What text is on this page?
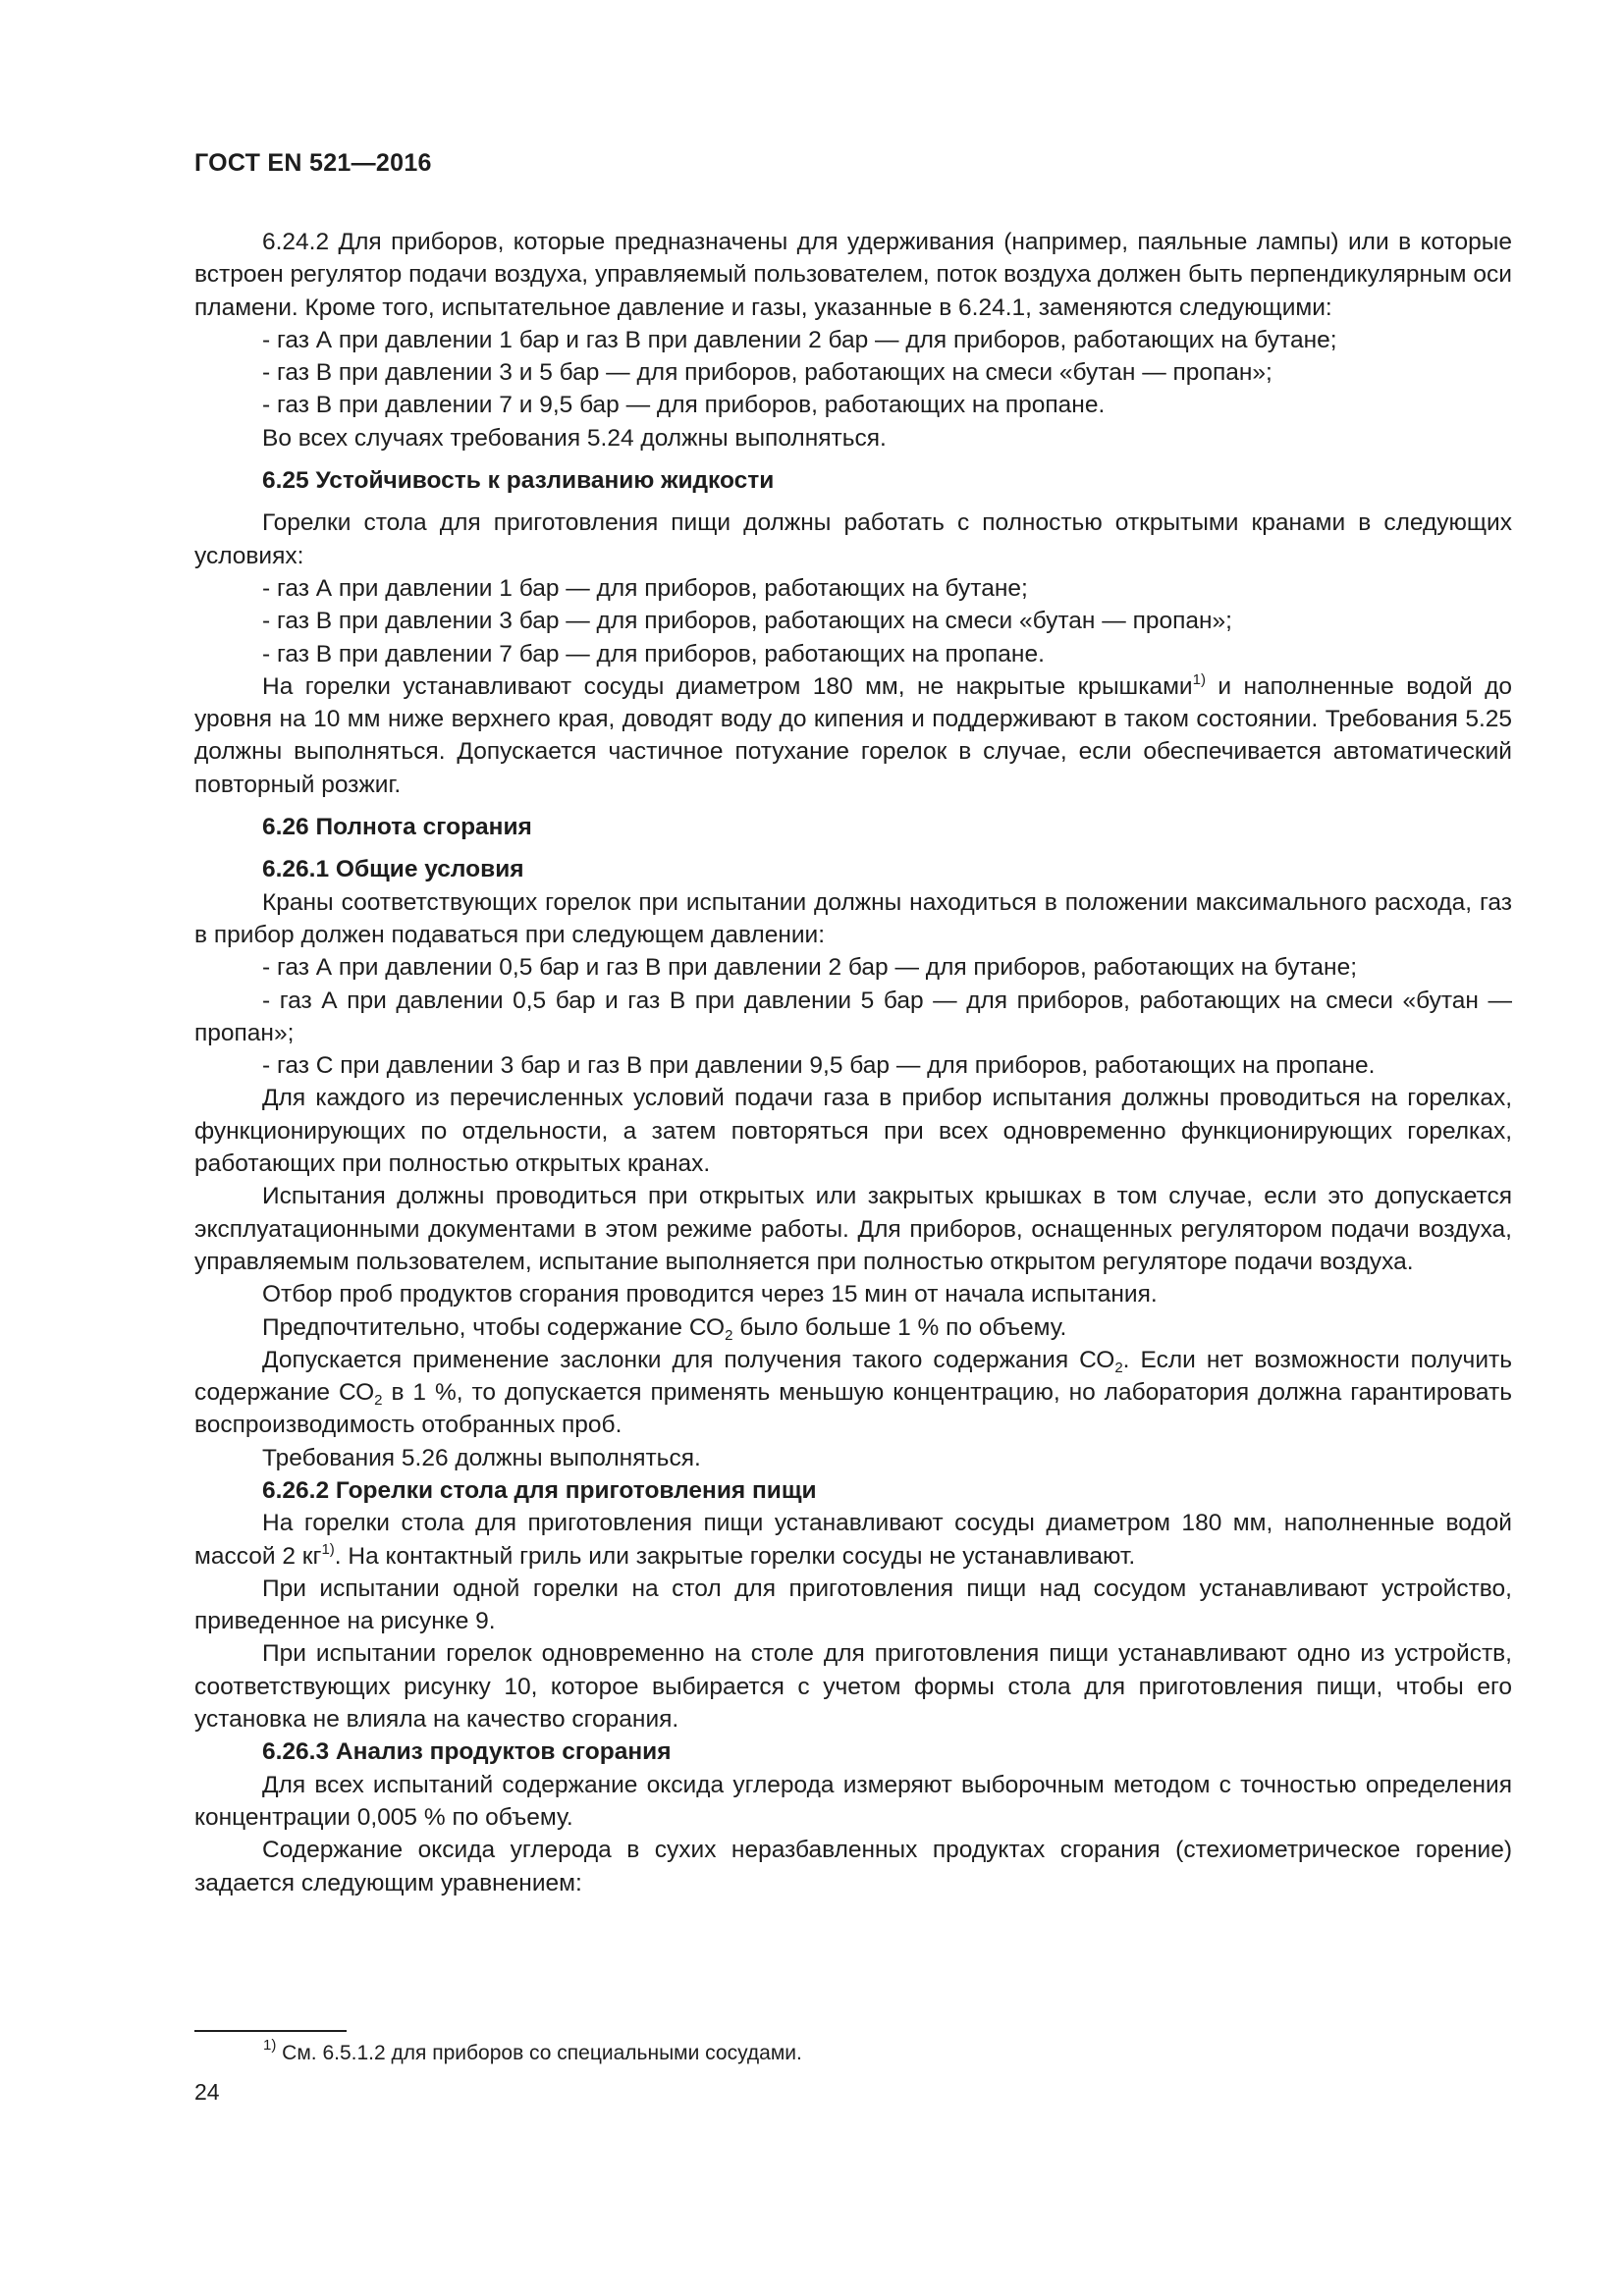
ГОСТ EN 521—2016

6.24.2 Для приборов, которые предназначены для удерживания (например, паяльные лампы) или в которые встроен регулятор подачи воздуха, управляемый пользователем, поток воздуха должен быть перпендикулярным оси пламени. Кроме того, испытательное давление и газы, указанные в 6.24.1, заменяются следующими:

- газ А при давлении 1 бар и газ В при давлении 2 бар — для приборов, работающих на бутане;
- газ В при давлении 3 и 5 бар — для приборов, работающих на смеси «бутан — пропан»;
- газ В при давлении 7 и 9,5 бар — для приборов, работающих на пропане.

Во всех случаях требования 5.24 должны выполняться.

6.25 Устойчивость к разливанию жидкости

Горелки стола для приготовления пищи должны работать с полностью открытыми кранами в следующих условиях:

- газ А при давлении 1 бар — для приборов, работающих на бутане;
- газ В при давлении 3 бар — для приборов, работающих на смеси «бутан — пропан»;
- газ В при давлении 7 бар — для приборов, работающих на пропане.

На горелки устанавливают сосуды диаметром 180 мм, не накрытые крышками$^{1)}$ и наполненные водой до уровня на 10 мм ниже верхнего края, доводят воду до кипения и поддерживают в таком состоянии. Требования 5.25 должны выполняться. Допускается частичное потухание горелок в случае, если обеспечивается автоматический повторный розжиг.

6.26 Полнота сгорания
6.26.1 Общие условия

Краны соответствующих горелок при испытании должны находиться в положении максимального расхода, газ в прибор должен подаваться при следующем давлении:

- газ А при давлении 0,5 бар и газ В при давлении 2 бар — для приборов, работающих на бутане;

- газ А при давлении 0,5 бар и газ В при давлении 5 бар — для приборов, работающих на смеси «бутан — пропан»;

- газ С при давлении 3 бар и газ В при давлении 9,5 бар — для приборов, работающих на пропане.

Для каждого из перечисленных условий подачи газа в прибор испытания должны проводиться на горелках, функционирующих по отдельности, а затем повторяться при всех одновременно функционирующих горелках, работающих при полностью открытых кранах.

Испытания должны проводиться при открытых или закрытых крышках в том случае, если это допускается эксплуатационными документами в этом режиме работы. Для приборов, оснащенных регулятором подачи воздуха, управляемым пользователем, испытание выполняется при полностью открытом регуляторе подачи воздуха.

Отбор проб продуктов сгорания проводится через 15 мин от начала испытания.

Предпочтительно, чтобы содержание $СО_2$ было больше 1 % по объему.

Допускается применение заслонки для получения такого содержания $СО_2$. Если нет возможности получить содержание $СО_2$ в 1 %, то допускается применять меньшую концентрацию, но лаборатория должна гарантировать воспроизводимость отобранных проб.

Требования 5.26 должны выполняться.

6.26.2 Горелки стола для приготовления пищи

На горелки стола для приготовления пищи устанавливают сосуды диаметром 180 мм, наполненные водой массой 2 $кг^{1)}$. На контактный гриль или закрытые горелки сосуды не устанавливают.

При испытании одной горелки на стол для приготовления пищи над сосудом устанавливают устройство, приведенное на рисунке 9.

При испытании горелок одновременно на столе для приготовления пищи устанавливают одно из устройств, соответствующих рисунку 10, которое выбирается с учетом формы стола для приготовления пищи, чтобы его установка не влияла на качество сгорания.

6.26.3 Анализ продуктов сгорания

Для всех испытаний содержание оксида углерода измеряют выборочным методом с точностью определения концентрации 0,005 % по объему.

Содержание оксида углерода в сухих неразбавленных продуктах сгорания (стехиометрическое горение) задается следующим уравнением:

$^{1)}$ См. 6.5.1.2 для приборов со специальными сосудами.
24
